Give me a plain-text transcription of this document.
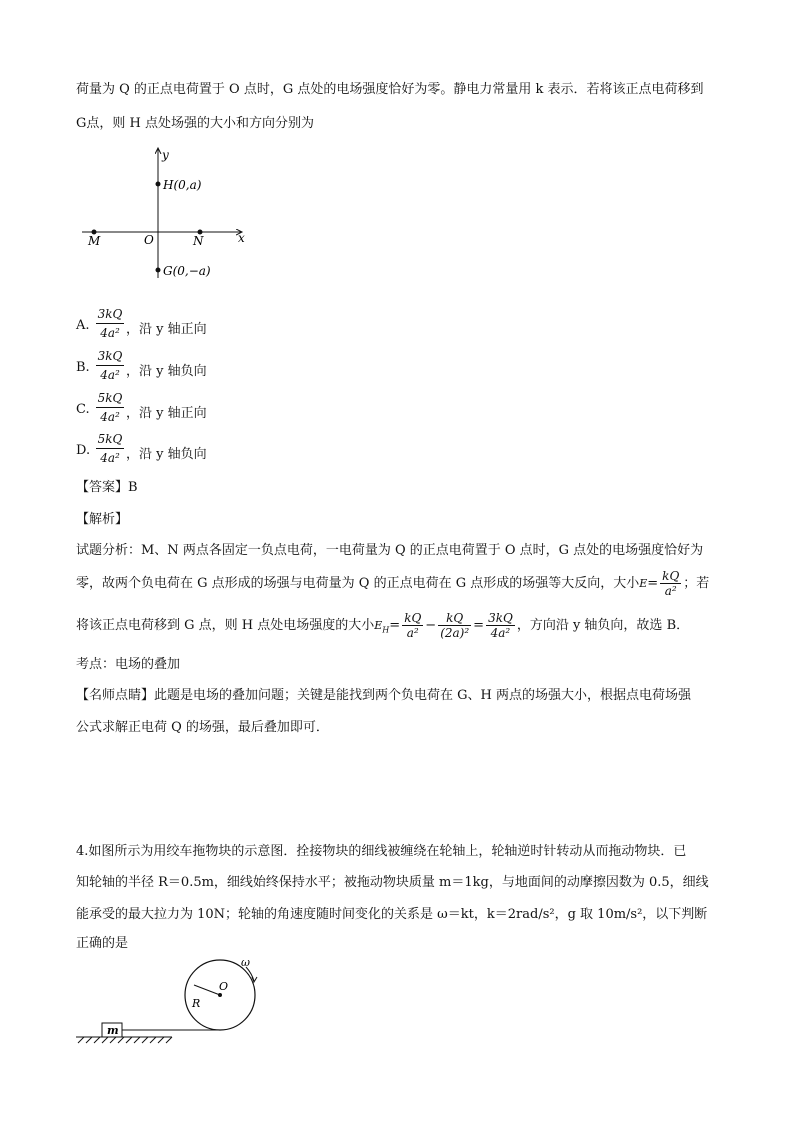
荷量为 Q 的正点电荷置于 O 点时，G 点处的电场强度恰好为零。静电力常量用 k 表示．若将该正点电荷移到
G点，则 H 点处场强的大小和方向分别为
y
x
M	O	N
H(0,a)
G(0,−a)
A.
3kQ
4a² ，沿 y 轴正向
B.
3kQ
4a² ，沿 y 轴负向
C.
5kQ
4a² ，沿 y 轴正向
D.
5kQ
4a² ，沿 y 轴负向
【答案】B
【解析】
试题分析：M、N 两点各固定一负点电荷，一电荷量为 Q 的正点电荷置于 O 点时，G 点处的电场强度恰好为
零，故两个负电荷在 G 点形成的场强与电荷量为 Q 的正点电荷在 G 点形成的场强等大反向，大小$E= \frac{kQ}{\text{a²}}$ ；若
将该正点电荷移到 G 点，则 H 点处电场强度的大小$E_H= \frac{kQ}{\text{a²}} - \frac{kQ}{\text{(2a)²}} = \frac{3kQ}{\text{4a²}}$ ，方向沿 y 轴负向，故选 B．
考点：电场的叠加
【名师点睛】此题是电场的叠加问题；关键是能找到两个负电荷在 G、H 两点的场强大小，根据点电荷场强
公式求解正电荷 Q 的场强，最后叠加即可．
4.如图所示为用绞车拖物块的示意图．拴接物块的细线被缠绕在轮轴上，轮轴逆时针转动从而拖动物块．已
知轮轴的半径 R＝0.5m，细线始终保持水平；被拖动物块质量 m＝1kg，与地面间的动摩擦因数为 0.5，细线
能承受的最大拉力为 10N；轮轴的角速度随时间变化的关系是 ω＝kt，k＝2rad/s²，g 取 10m/s²，以下判断
正确的是
m
R
O
ω
